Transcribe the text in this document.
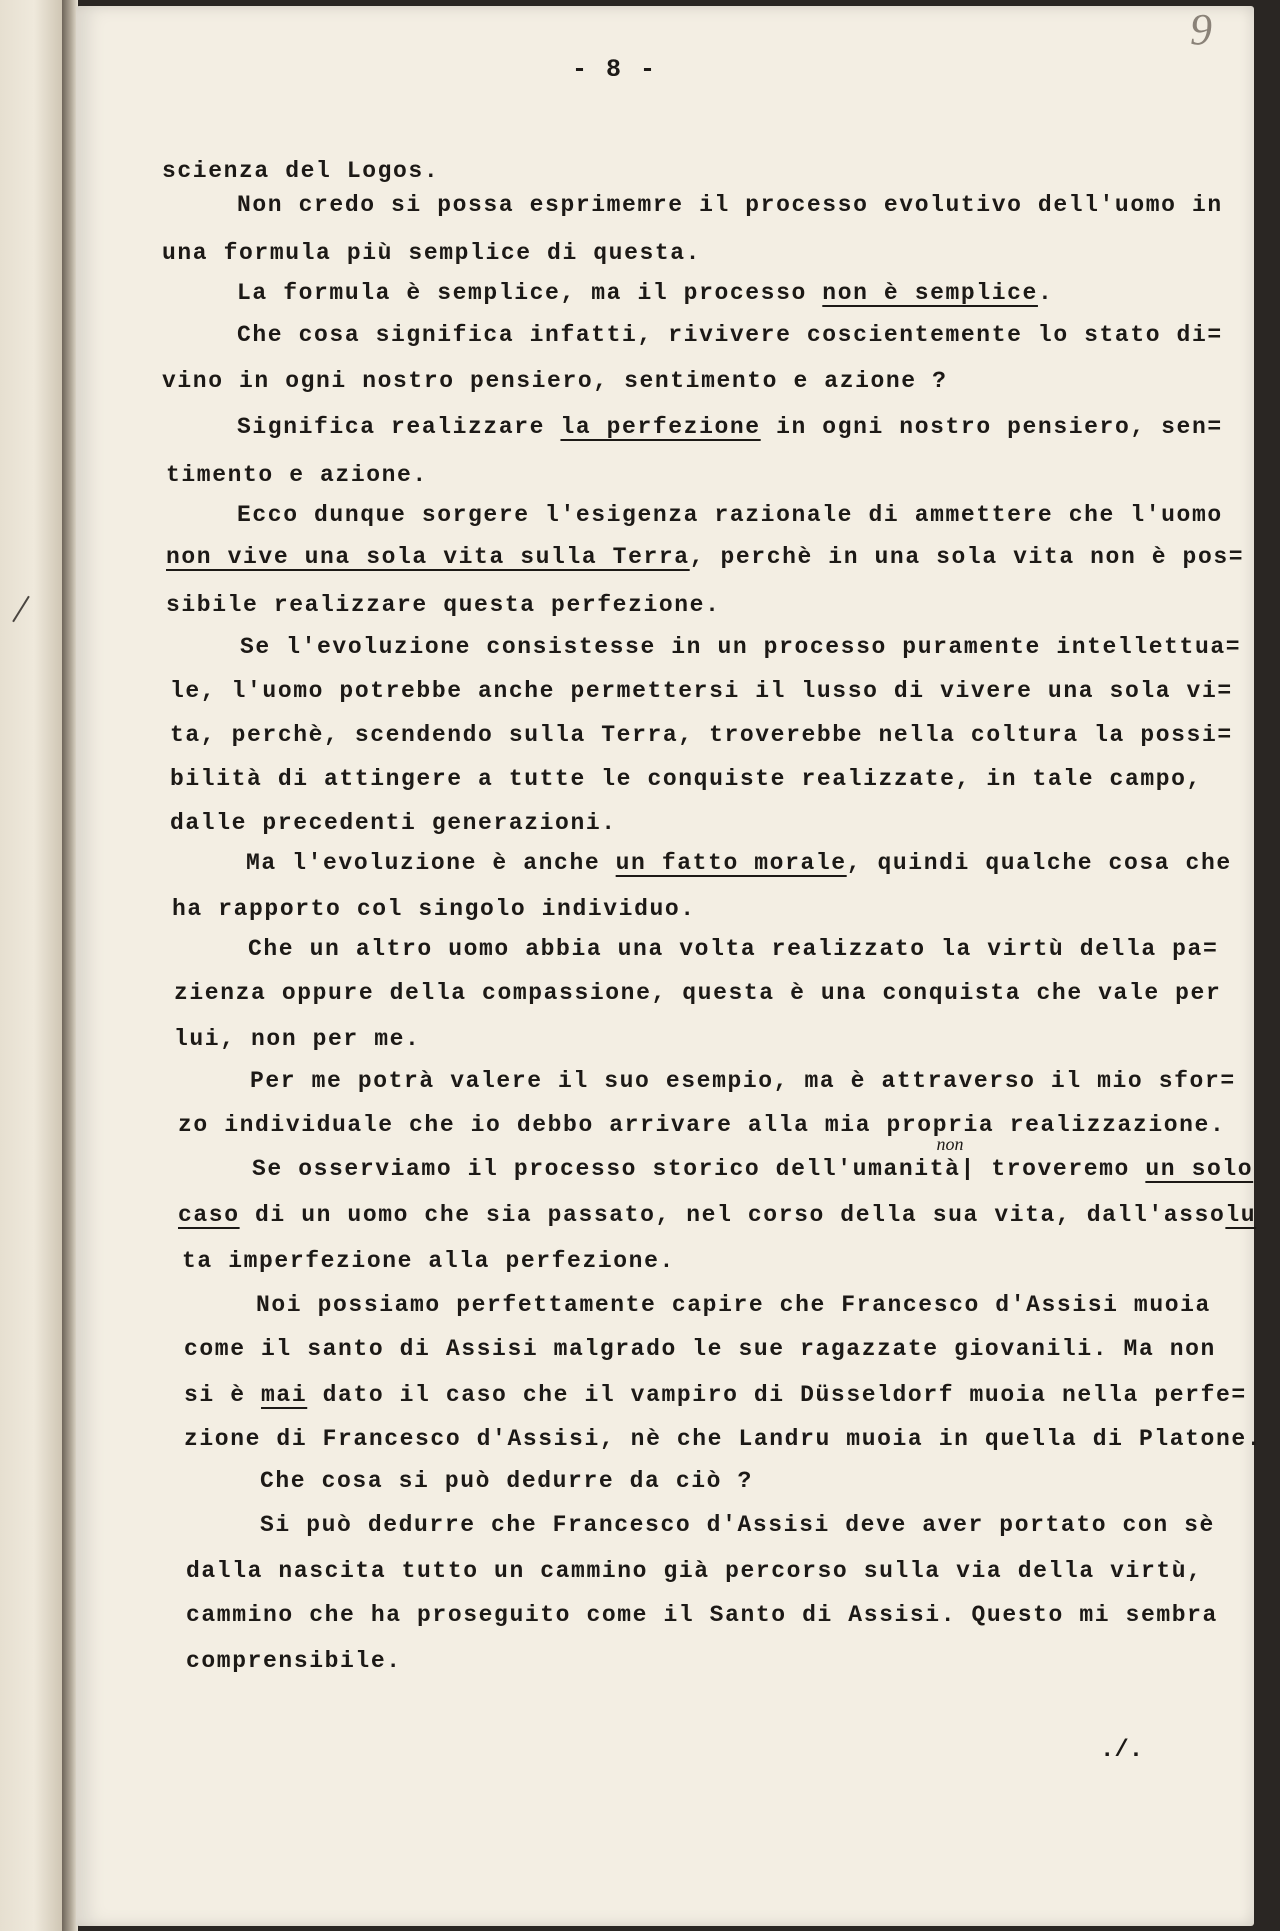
9
- 8 -
scienza del Logos.
Non credo si possa esprimemre il processo evolutivo dell'uomo in
una formula più semplice di questa.
La formula è semplice, ma il processo non è semplice.
Che cosa significa infatti, rivivere coscientemente lo stato di=
vino in ogni nostro pensiero, sentimento e azione ?
Significa realizzare la perfezione in ogni nostro pensiero, sen=
timento e azione.
Ecco dunque sorgere l'esigenza razionale di ammettere che l'uomo
non vive una sola vita sulla Terra, perchè in una sola vita non è pos=
sibile realizzare questa perfezione.
Se l'evoluzione consistesse in un processo puramente intellettua=
le, l'uomo potrebbe anche permettersi il lusso di vivere una sola vi=
ta, perchè, scendendo sulla Terra, troverebbe nella coltura la possi=
bilità di attingere a tutte le conquiste realizzate, in tale campo,
dalle precedenti generazioni.
Ma l'evoluzione è anche un fatto morale, quindi qualche cosa che
ha rapporto col singolo individuo.
Che un altro uomo abbia una volta realizzato la virtù della pa=
zienza oppure della compassione, questa è una conquista che vale per
lui, non per me.
Per me potrà valere il suo esempio, ma è attraverso il mio sfor=
zo individuale che io debbo arrivare alla mia propria realizzazione.
Se osserviamo il processo storico dell'umanità
non
| troveremo un solo
caso di un uomo che sia passato, nel corso della sua vita, dall'assolu
ta imperfezione alla perfezione.
Noi possiamo perfettamente capire che Francesco d'Assisi muoia
come il santo di Assisi malgrado le sue ragazzate giovanili. Ma non
si è mai dato il caso che il vampiro di Düsseldorf muoia nella perfe=
zione di Francesco d'Assisi, nè che Landru muoia in quella di Platone.
Che cosa si può dedurre da ciò ?
Si può dedurre che Francesco d'Assisi deve aver portato con sè
dalla nascita tutto un cammino già percorso sulla via della virtù,
cammino che ha proseguito come il Santo di Assisi. Questo mi sembra
comprensibile.
./.
